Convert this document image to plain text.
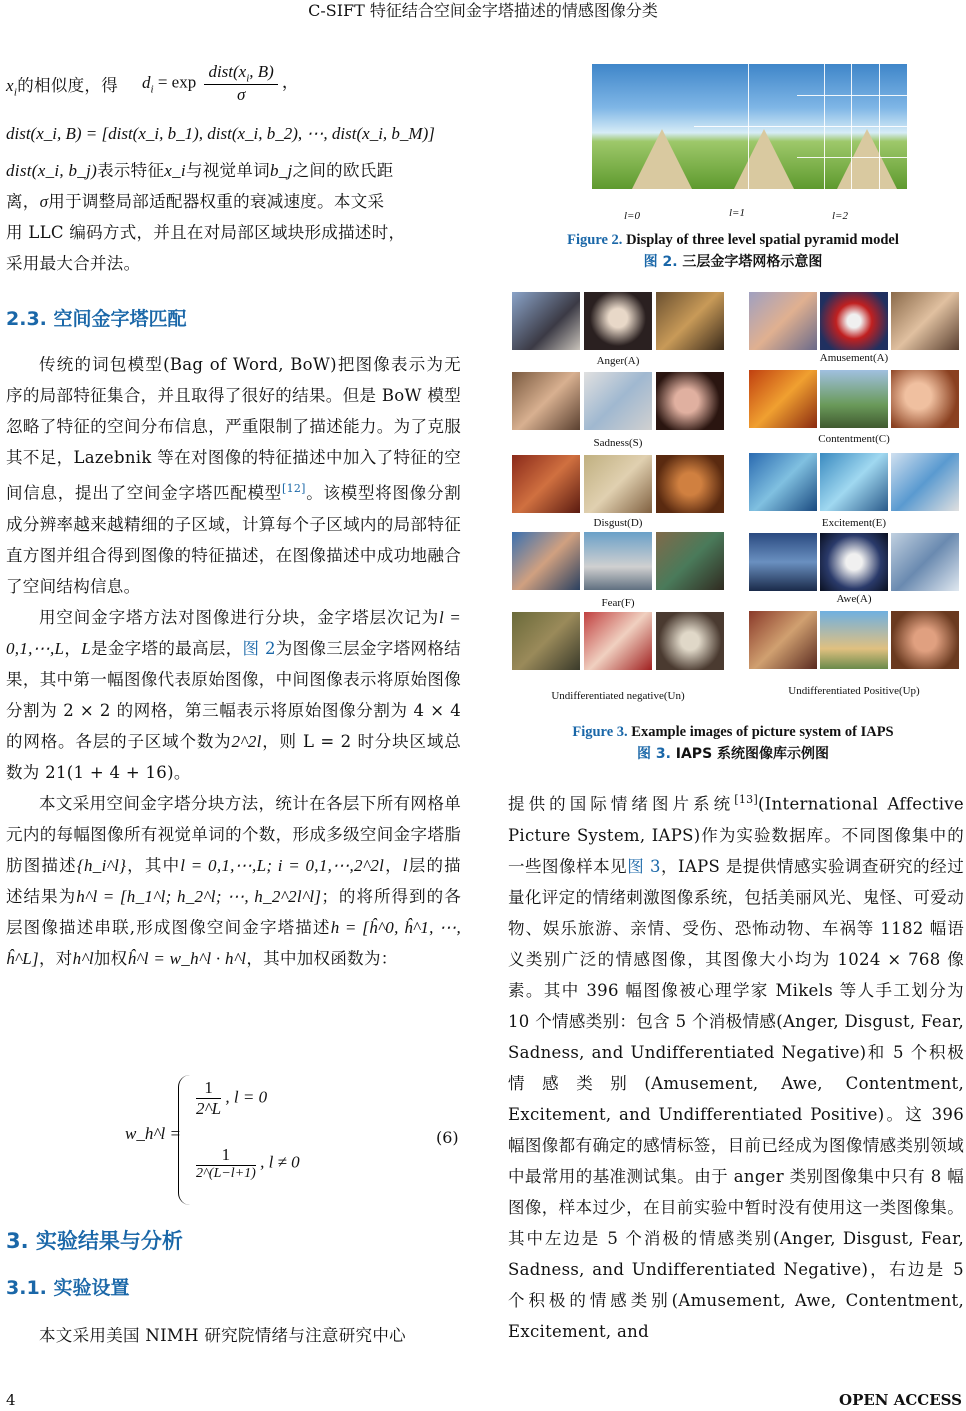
C-SIFT 特征结合空间金字塔描述的情感图像分类
$x_i$的相似度，得	$d_i = \exp$
$dist(x_i$, B)
σ
，
dist(x_i, B) = [dist(x_i, b_1), dist(x_i, b_2), ⋯, dist(x_i, b_M)]

dist(x_i, b_j)表示特征x_i与视觉单词b_j之间的欧氏距

离，σ用于调整局部适配器权重的衰减速度。本文采

用 LLC 编码方式，并且在对局部区域块形成描述时，

采用最大合并法。

2.3. 空间金字塔匹配

传统的词包模型(Bag of Word, BoW)把图像表示为无序的局部特征集合，并且取得了很好的结果。但是 BoW 模型忽略了特征的空间分布信息，严重限制了描述能力。为了克服其不足，Lazebnik 等在对图像的特征描述中加入了特征的空间信息，提出了空间金字塔匹配模型[12]。该模型将图像分割成分辨率越来越精细的子区域，计算每个子区域内的局部特征直方图并组合得到图像的特征描述，在图像描述中成功地融合了空间结构信息。

用空间金字塔方法对图像进行分块，金字塔层次记为l = 0,1,⋯,L，L是金字塔的最高层，图 2为图像三层金字塔网格结果，其中第一幅图像代表原始图像，中间图像表示将原始图像分割为 2 × 2 的网格，第三幅表示将原始图像分割为 4 × 4 的网格。各层的子区域个数为2^2l，则 L = 2 时分块区域总数为 21(1 + 4 + 16)。

本文采用空间金字塔分块方法，统计在各层下所有网格单元内的每幅图像所有视觉单词的个数，形成多级空间金字塔脂肪图描述{h_i^l}，其中l = 0,1,⋯,L; i = 0,1,⋯,2^2l，l层的描述结果为h^l = [h_1^l; h_2^l; ⋯, h_2^2l^l]；的将所得到的各层图像描述串联,形成图像空间金字塔描述h = [ĥ^0, ĥ^1, ⋯, ĥ^L]，对h^l加权ĥ^l = w_h^l · h^l，其中加权函数为：

w_h^l =
$\frac{1}{2\^{}L}$ , l = 0
1
2^(L−l+1)
, l ≠ 0
(6)
3. 实验结果与分析
3.1. 实验设置

本文采用美国 NIMH 研究院情绪与注意研究中心

l=0	l=1	l=2
Figure 2. Display of three level spatial pyramid model
图 2. 三层金字塔网格示意图
Anger(A)
Sadness(S)
Disgust(D)
Fear(F)
Undifferentiated negative(Un)
Amusement(A)
Contentment(C)
Excitement(E)
Awe(A)
Undifferentiated Positive(Up)
Figure 3. Example images of picture system of IAPS
图 3. IAPS 系统图像库示例图

提供的国际情绪图片系统[13](International Affective Picture System, IAPS)作为实验数据库。不同图像集中的一些图像样本见图 3，IAPS 是提供情感实验调查研究的经过量化评定的情绪刺激图像系统，包括美丽风光、鬼怪、可爱动物、娱乐旅游、亲情、受伤、恐怖动物、车祸等 1182 幅语义类别广泛的情感图像，其图像大小均为 1024 × 768 像素。其中 396 幅图像被心理学家 Mikels 等人手工划分为 10 个情感类别：包含 5 个消极情感(Anger, Disgust, Fear, Sadness, and Undifferentiated Negative)和 5 个积极情感类别(Amusement, Awe, Contentment, Excitement, and Undifferentiated Positive)。这 396 幅图像都有确定的感情标签，目前已经成为图像情感类别领域中最常用的基准测试集。由于 anger 类别图像集中只有 8 幅图像，样本过少，在目前实验中暂时没有使用这一类图像集。其中左边是 5 个消极的情感类别(Anger, Disgust, Fear, Sadness, and Undifferentiated Negative)，右边是 5 个积极的情感类别(Amusement, Awe, Contentment, Excitement, and

4	OPEN ACCESS
